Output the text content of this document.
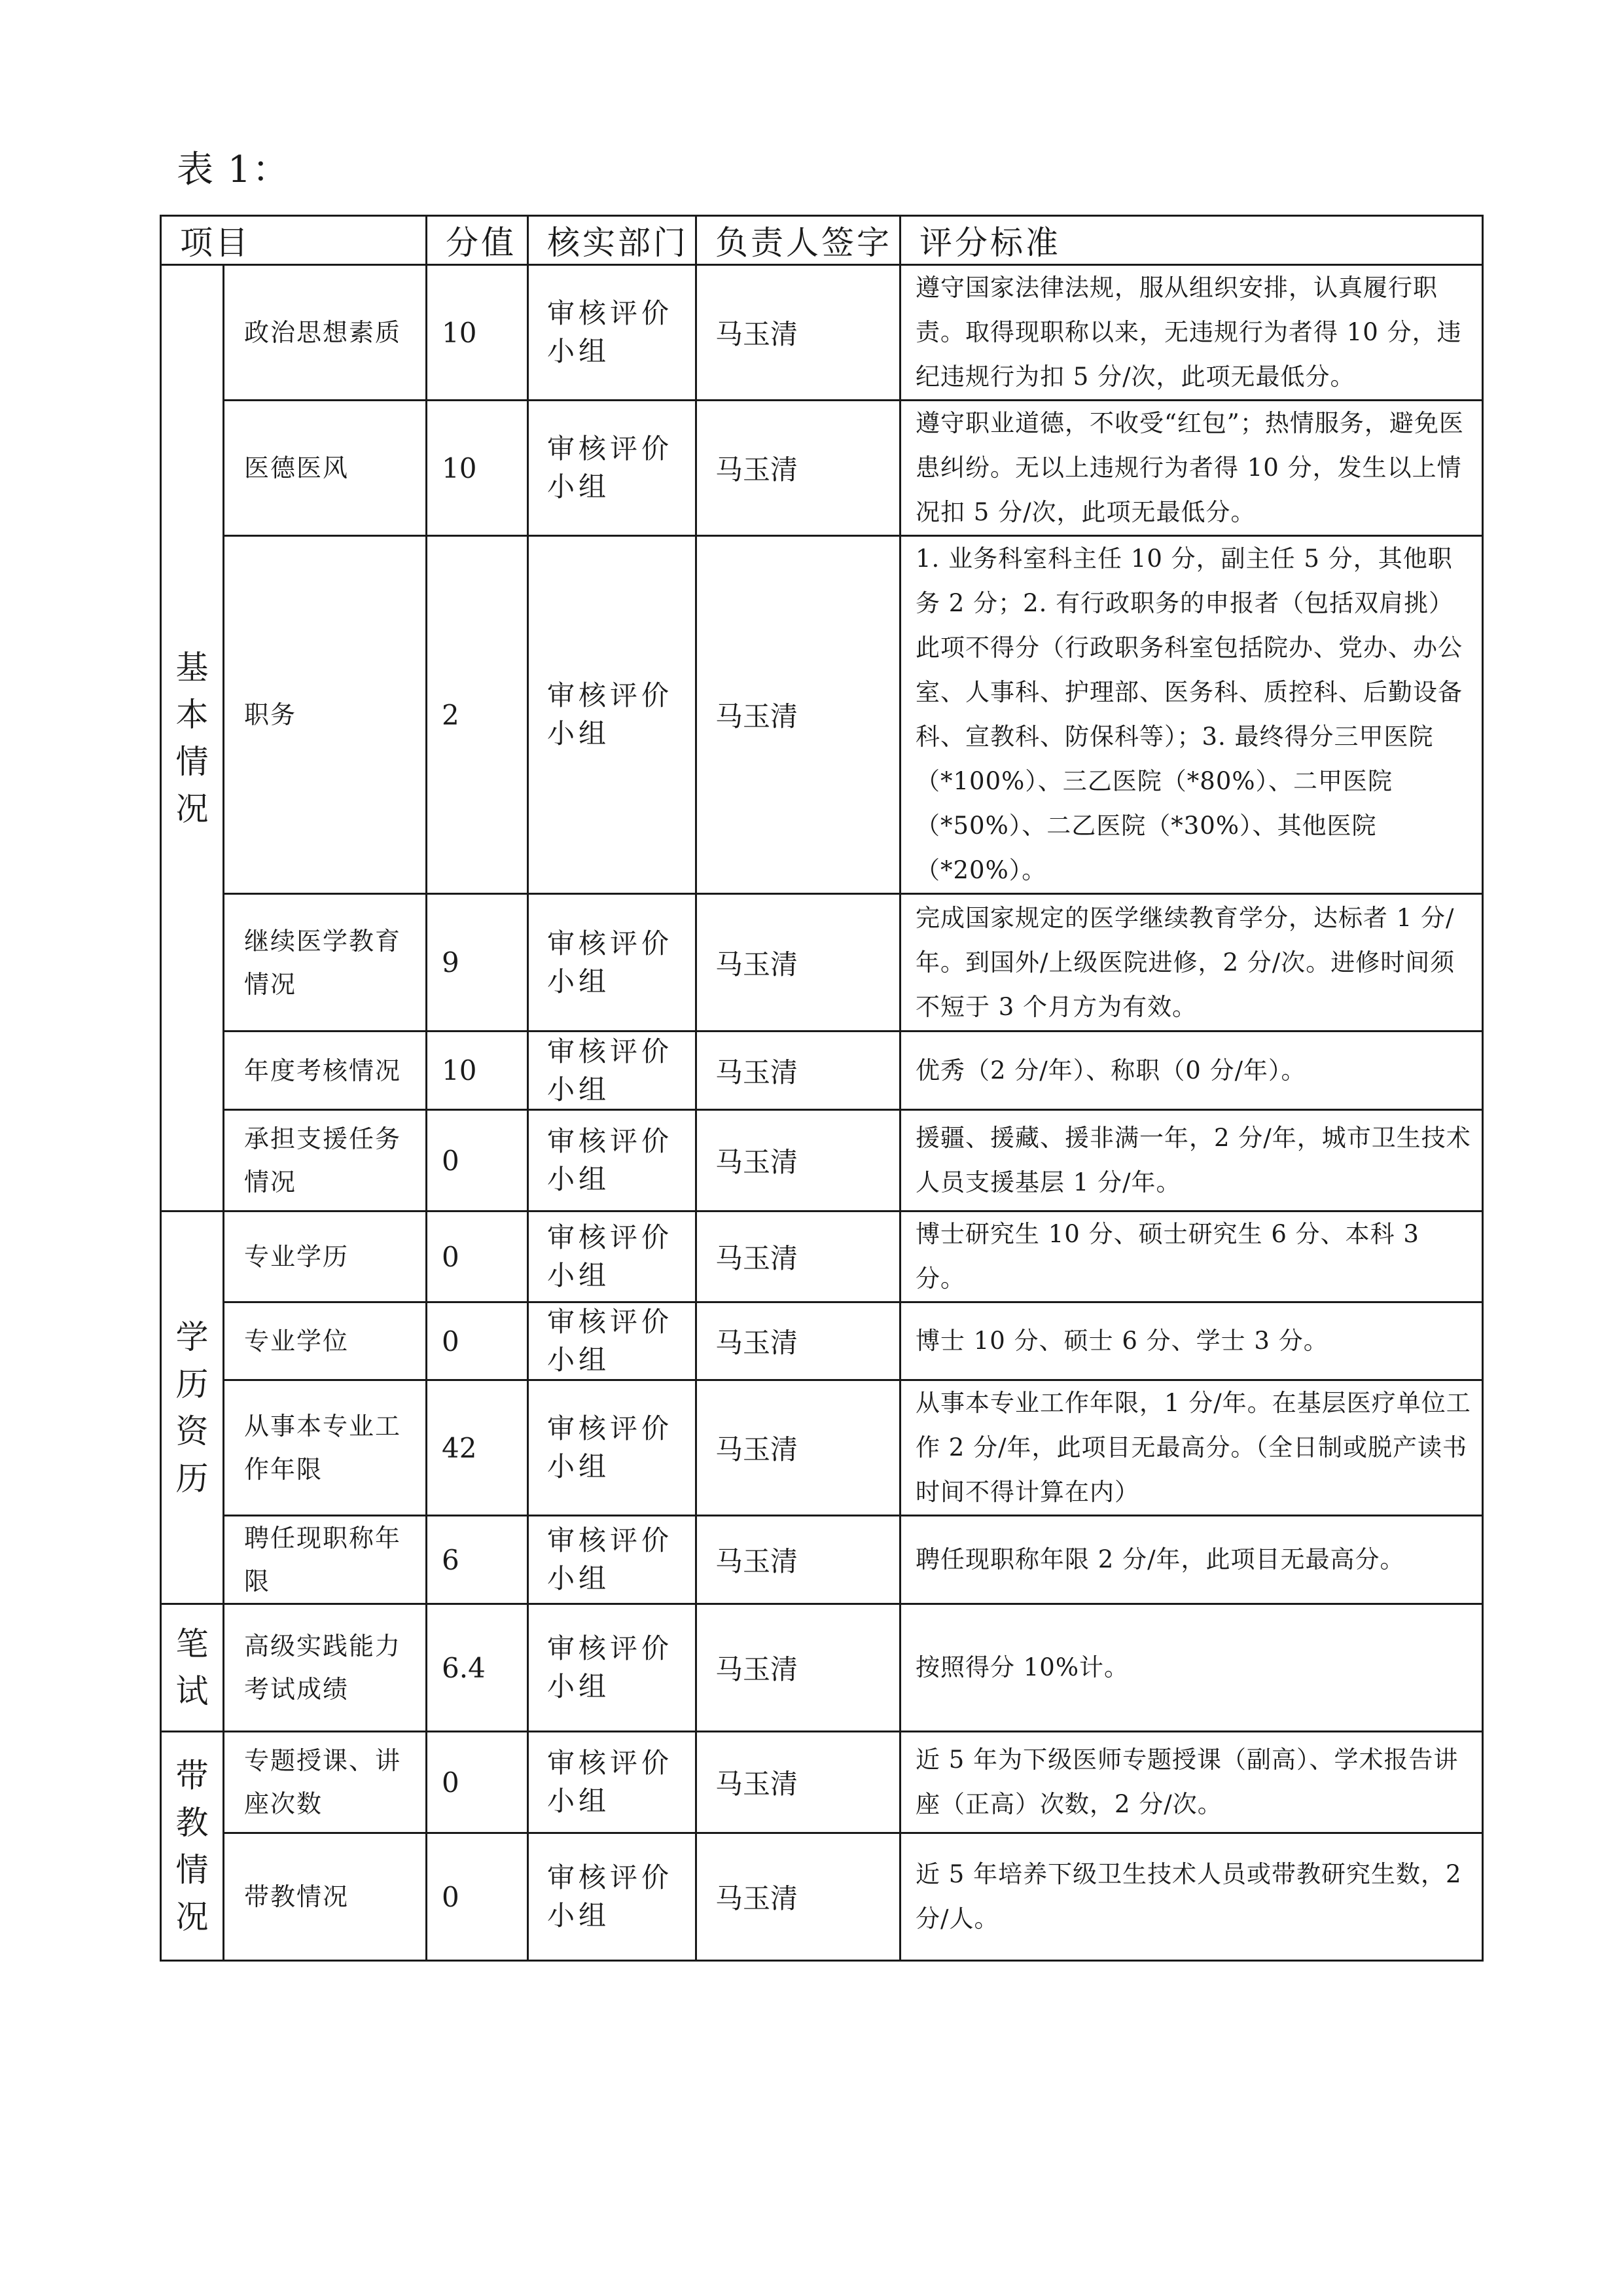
表 1：
项目		分值	核实部门	负责人签字	评分标准

基
本
情
况	政治思想素质	10	审核评价小组	马玉清	遵守国家法律法规，服从组织安排，认真履行职责。取得现职称以来，无违规行为者得 10 分，违纪违规行为扣 5 分/次，此项无最低分。
	医德医风	10	审核评价小组	马玉清	遵守职业道德，不收受“红包”；热情服务，避免医患纠纷。无以上违规行为者得 10 分，发生以上情况扣 5 分/次，此项无最低分。
	职务	2	审核评价小组	马玉清	1. 业务科室科主任 10 分，副主任 5 分，其他职务 2 分；2. 有行政职务的申报者（包括双肩挑）此项不得分（行政职务科室包括院办、党办、办公室、人事科、护理部、医务科、质控科、后勤设备科、宣教科、防保科等）；3. 最终得分三甲医院（*100%）、三乙医院（*80%）、二甲医院（*50%）、二乙医院（*30%）、其他医院（*20%）。
	继续医学教育情况	9	审核评价小组	马玉清	完成国家规定的医学继续教育学分，达标者 1 分/年。到国外/上级医院进修，2 分/次。进修时间须不短于 3 个月方为有效。
	年度考核情况	10	审核评价小组	马玉清	优秀（2 分/年）、称职（0 分/年）。
	承担支援任务情况	0	审核评价小组	马玉清	援疆、援藏、援非满一年，2 分/年，城市卫生技术人员支援基层 1 分/年。

学
历
资
历	专业学历	0	审核评价小组	马玉清	博士研究生 10 分、硕士研究生 6 分、本科 3 分。
	专业学位	0	审核评价小组	马玉清	博士 10 分、硕士 6 分、学士 3 分。
	从事本专业工作年限	42	审核评价小组	马玉清	从事本专业工作年限，1 分/年。在基层医疗单位工作 2 分/年，此项目无最高分。（全日制或脱产读书时间不得计算在内）
	聘任现职称年限	6	审核评价小组	马玉清	聘任现职称年限 2 分/年，此项目无最高分。

笔
试	高级实践能力考试成绩	6.4	审核评价小组	马玉清	按照得分 10%计。

带
教
情
况	专题授课、讲座次数	0	审核评价小组	马玉清	近 5 年为下级医师专题授课（副高）、学术报告讲座（正高）次数，2 分/次。
	带教情况	0	审核评价小组	马玉清	近 5 年培养下级卫生技术人员或带教研究生数，2 分/人。
